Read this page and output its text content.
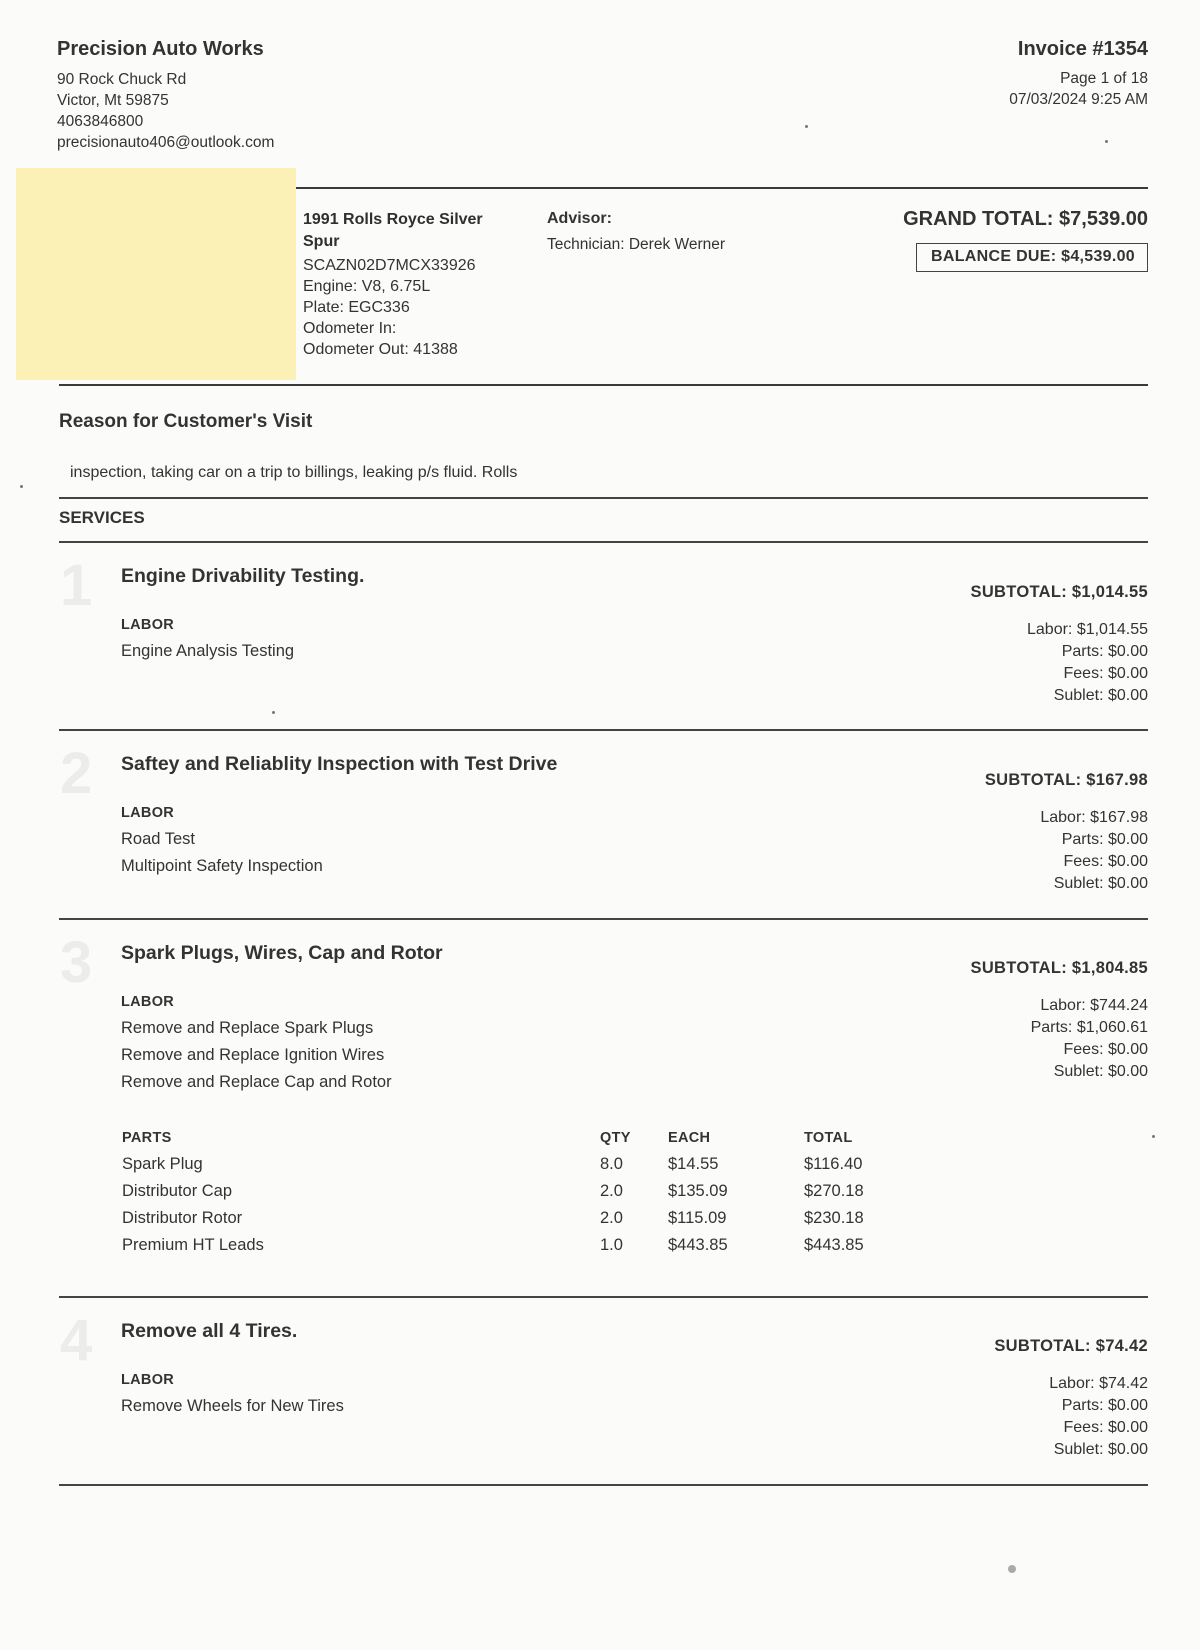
Precision Auto Works
90 Rock Chuck Rd
Victor, Mt 59875
4063846800
precisionauto406@outlook.com
Invoice #1354
Page 1 of 18
07/03/2024 9:25 AM
1991 Rolls Royce Silver
Spur
SCAZN02D7MCX33926
Engine: V8, 6.75L
Plate: EGC336
Odometer In:
Odometer Out: 41388
Advisor:
Technician: Derek Werner
GRAND TOTAL: $7,539.00
BALANCE DUE: $4,539.00
Reason for Customer's Visit
inspection, taking car on a trip to billings, leaking p/s fluid. Rolls
SERVICES
1 Engine Drivability Testing.
LABOR
Engine Analysis Testing
SUBTOTAL: $1,014.55
Labor: $1,014.55
Parts: $0.00
Fees: $0.00
Sublet: $0.00
2 Saftey and Reliablity Inspection with Test Drive
LABOR
Road Test
Multipoint Safety Inspection
SUBTOTAL: $167.98
Labor: $167.98
Parts: $0.00
Fees: $0.00
Sublet: $0.00
3 Spark Plugs, Wires, Cap and Rotor
LABOR
Remove and Replace Spark Plugs
Remove and Replace Ignition Wires
Remove and Replace Cap and Rotor
SUBTOTAL: $1,804.85
Labor: $744.24
Parts: $1,060.61
Fees: $0.00
Sublet: $0.00
PARTS	QTY	EACH	TOTAL
Spark Plug	8.0	$14.55	$116.40
Distributor Cap	2.0	$135.09	$270.18
Distributor Rotor	2.0	$115.09	$230.18
Premium HT Leads	1.0	$443.85	$443.85
4 Remove all 4 Tires.
LABOR
Remove Wheels for New Tires
SUBTOTAL: $74.42
Labor: $74.42
Parts: $0.00
Fees: $0.00
Sublet: $0.00
